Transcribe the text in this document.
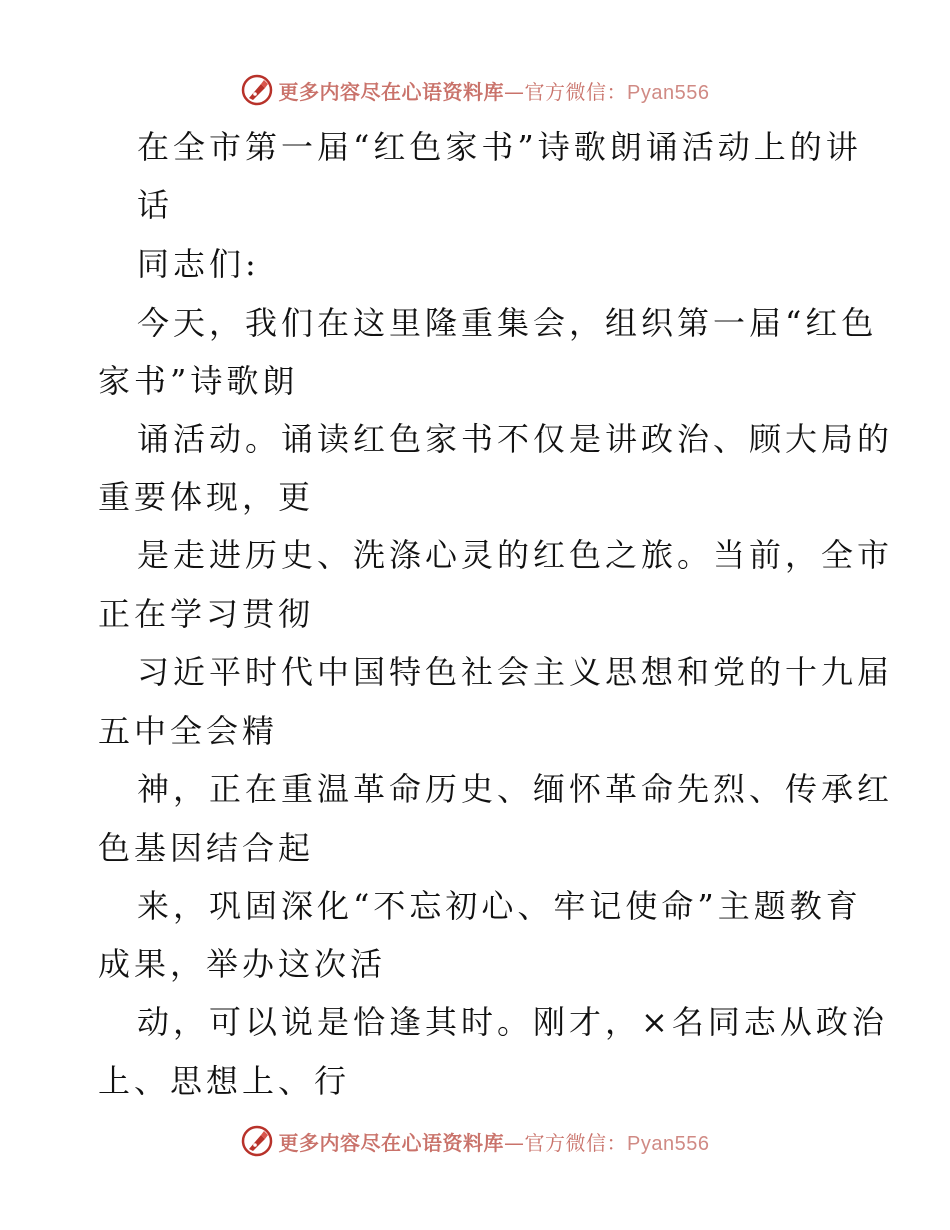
更多内容尽在心语资料库—官方微信：Pyan556
在全市第一届“红色家书”诗歌朗诵活动上的讲
话
同志们:
今天，我们在这里隆重集会，组织第一届“红色
家书”诗歌朗
诵活动。诵读红色家书不仅是讲政治、顾大局的
重要体现，更
是走进历史、洗涤心灵的红色之旅。当前，全市
正在学习贯彻
习近平时代中国特色社会主义思想和党的十九届
五中全会精
神，正在重温革命历史、缅怀革命先烈、传承红
色基因结合起
来，巩固深化“不忘初心、牢记使命”主题教育
成果，举办这次活
动，可以说是恰逢其时。刚才，×名同志从政治
上、思想上、行
更多内容尽在心语资料库—官方微信：Pyan556
